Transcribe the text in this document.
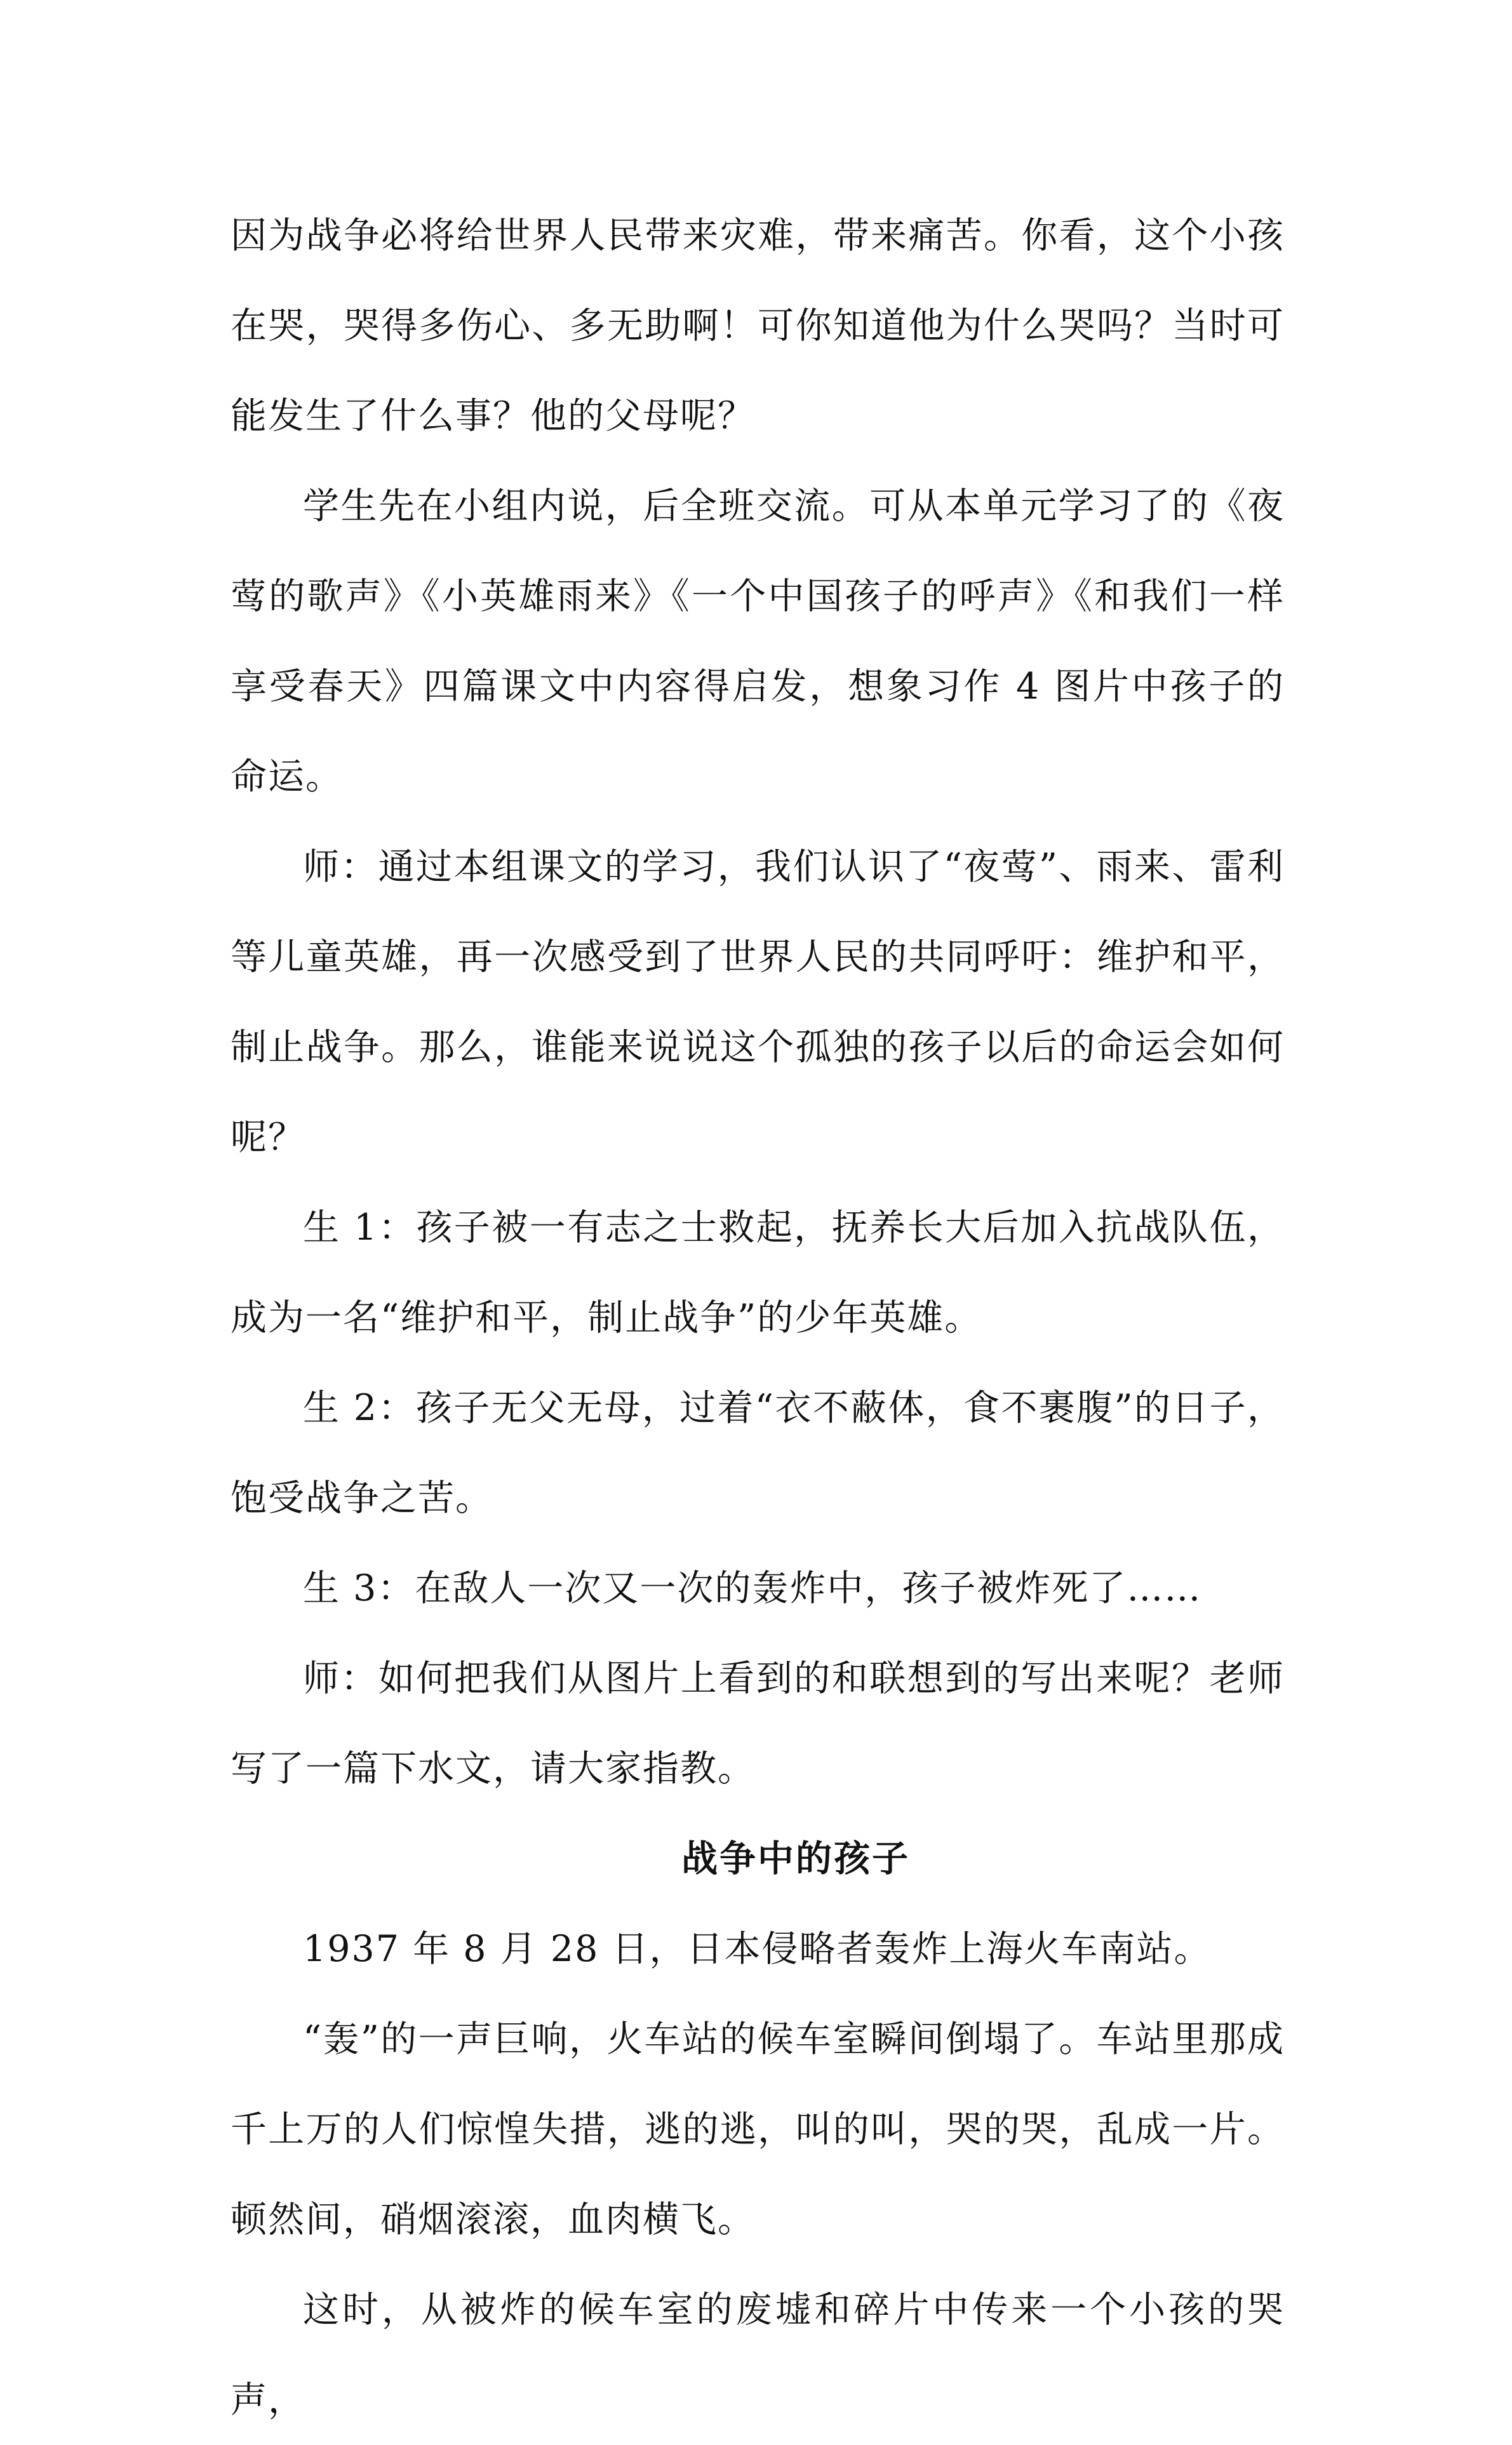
因为战争必将给世界人民带来灾难，带来痛苦。你看，这个小孩在哭，哭得多伤心、多无助啊！可你知道他为什么哭吗？当时可能发生了什么事？他的父母呢？

学生先在小组内说，后全班交流。可从本单元学习了的《夜莺的歌声》《小英雄雨来》《一个中国孩子的呼声》《和我们一样享受春天》四篇课文中内容得启发，想象习作 4 图片中孩子的命运。

师：通过本组课文的学习，我们认识了“夜莺”、雨来、雷利等儿童英雄，再一次感受到了世界人民的共同呼吁：维护和平，制止战争。那么，谁能来说说这个孤独的孩子以后的命运会如何呢？

生 1：孩子被一有志之士救起，抚养长大后加入抗战队伍，成为一名“维护和平，制止战争”的少年英雄。

生 2：孩子无父无母，过着“衣不蔽体，食不裹腹”的日子，饱受战争之苦。

生 3：在敌人一次又一次的轰炸中，孩子被炸死了……

师：如何把我们从图片上看到的和联想到的写出来呢？老师写了一篇下水文，请大家指教。

战争中的孩子

1937 年 8 月 28 日，日本侵略者轰炸上海火车南站。

“轰”的一声巨响，火车站的候车室瞬间倒塌了。车站里那成千上万的人们惊惶失措，逃的逃，叫的叫，哭的哭，乱成一片。顿然间，硝烟滚滚，血肉横飞。

这时，从被炸的候车室的废墟和碎片中传来一个小孩的哭声，
